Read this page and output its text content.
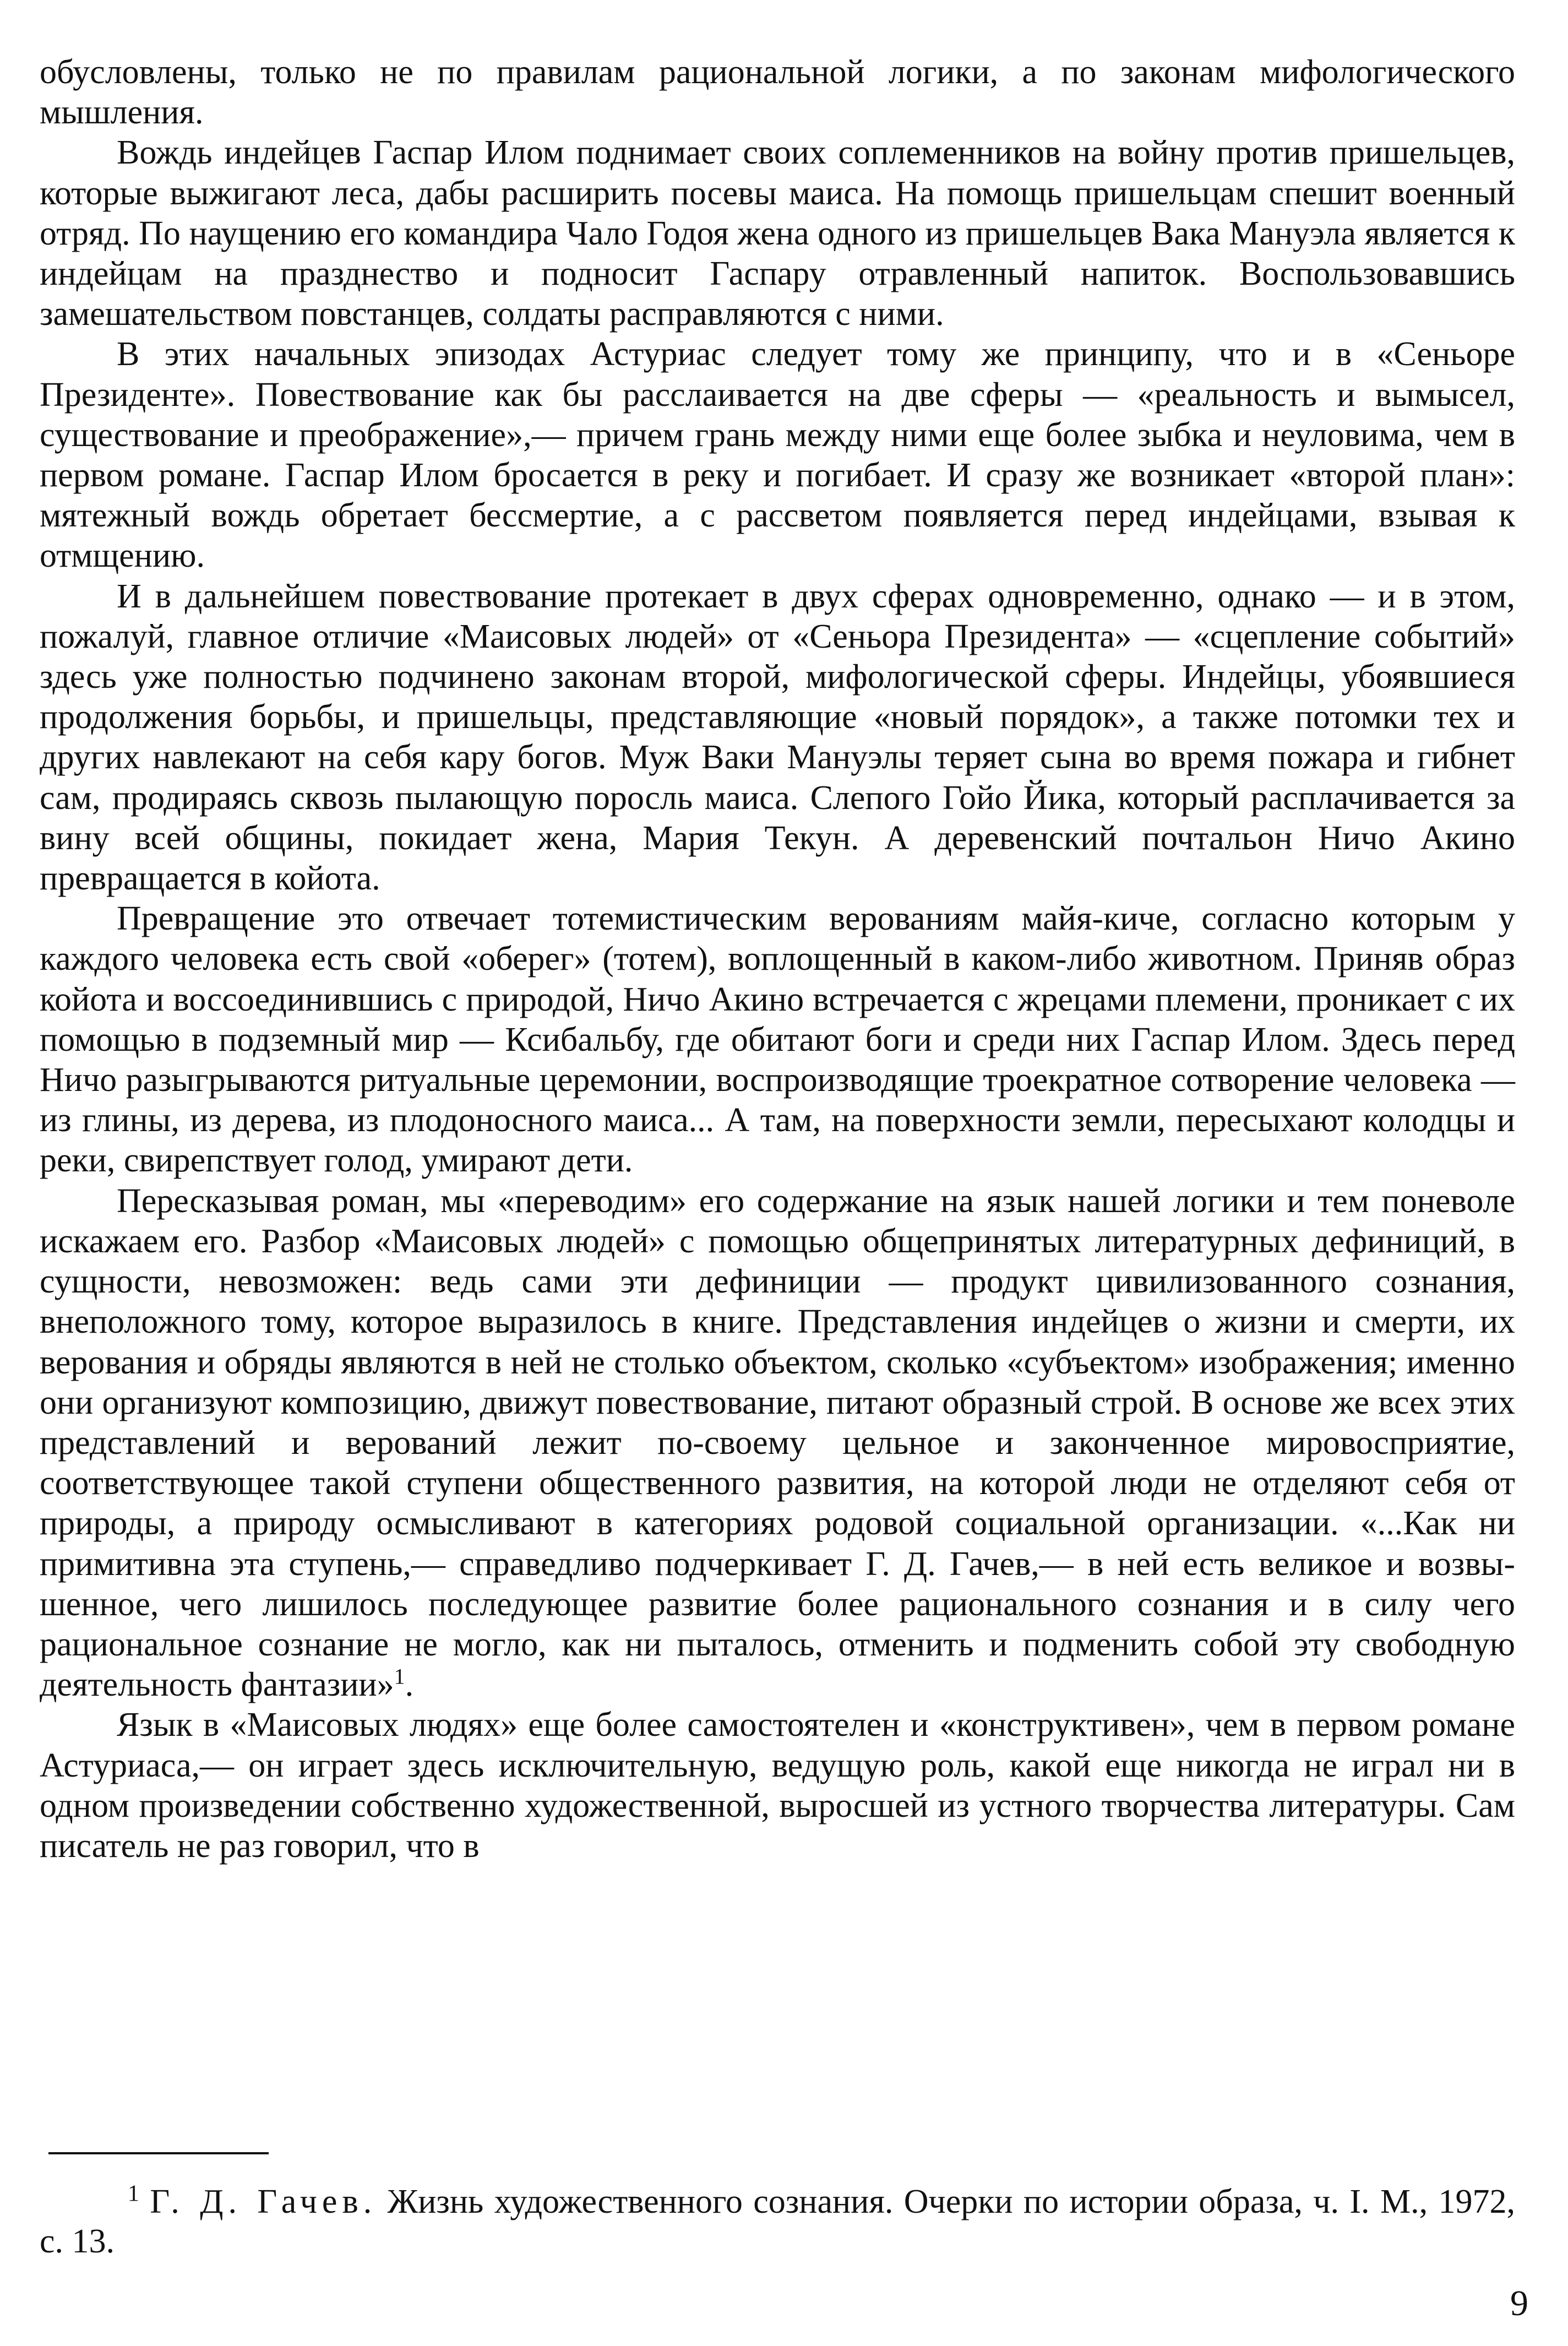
обусловлены, только не по правилам рациональной логики, а по законам мифологического мышления.

Вождь индейцев Гаспар Илом поднимает своих соплеменников на войну против пришельцев, которые выжигают леса, дабы расширить посевы маиса. На помощь пришельцам спешит военный отряд. По наущению его командира Чало Годоя жена одного из пришельцев Вака Мануэла является к индейцам на празднество и подносит Гаспару отравленный напиток. Воспользовавшись замешательством повстанцев, солдаты расправляются с ними.

В этих начальных эпизодах Астуриас следует тому же принципу, что и в «Сеньоре Президенте». Повествование как бы расслаивается на две сферы — «реальность и вымысел, существование и преображение»,— причем грань между ними еще более зыбка и неуловима, чем в первом романе. Гаспар Илом бросается в реку и погибает. И сразу же возникает «второй план»: мятежный вождь обретает бессмертие, а с рассветом появляется перед индейцами, взывая к отмщению.

И в дальнейшем повествование протекает в двух сферах одновременно, однако — и в этом, пожалуй, главное отличие «Маисовых людей» от «Сеньора Президента» — «сцепление событий» здесь уже полностью подчинено законам второй, мифологической сферы. Индейцы, убоявшиеся продолжения борьбы, и пришельцы, представляющие «новый порядок», а также потомки тех и других навлекают на себя кару богов. Муж Ваки Мануэлы теряет сына во время пожара и гибнет сам, продираясь сквозь пылающую поросль маиса. Слепого Гойо Йика, который расплачивается за вину всей общины, покидает жена, Мария Текун. А деревенский почтальон Ничо Акино превращается в койота.

Превращение это отвечает тотемистическим верованиям майя-киче, согласно которым у каждого человека есть свой «оберег» (тотем), воплощенный в каком-либо животном. Приняв образ койота и воссоединившись с природой, Ничо Акино встречается с жрецами племени, проникает с их помощью в подземный мир — Ксибальбу, где обитают боги и среди них Гаспар Илом. Здесь перед Ничо разыгрываются ритуальные церемонии, воспроизводящие троекратное сотворение человека — из глины, из дерева, из плодоносного маиса... А там, на поверхности земли, пересыхают колодцы и реки, свирепствует голод, умирают дети.

Пересказывая роман, мы «переводим» его содержание на язык нашей логики и тем поневоле искажаем его. Разбор «Маисовых людей» с помощью общепринятых литературных дефиниций, в сущности, невозможен: ведь сами эти дефиниции — продукт цивилизованного сознания, внеположного тому, которое выразилось в книге. Представления индейцев о жизни и смерти, их верования и обряды являются в ней не столько объектом, сколько «субъектом» изображения; именно они организуют композицию, движут повествование, питают образный строй. В основе же всех этих представлений и верований лежит по-своему цельное и законченное мировосприятие, соответствующее такой ступени общественного развития, на которой люди не отделяют себя от природы, а природу осмысливают в категориях родовой социальной организации. «...Как ни примитивна эта ступень,— справедливо подчеркивает Г. Д. Гачев,— в ней есть великое и возвышенное, чего лишилось последующее развитие более рационального сознания и в силу чего рациональное сознание не могло, как ни пыталось, отменить и подменить собой эту свободную деятельность фантазии»$^1$.

Язык в «Маисовых людях» еще более самостоятелен и «конструктивен», чем в первом романе Астуриаса,— он играет здесь исключительную, ведущую роль, какой еще никогда не играл ни в одном произведении собственно художественной, выросшей из устного творчества литературы. Сам писатель не раз говорил, что в

$^1$ Г. Д. Гачев. Жизнь художественного сознания. Очерки по истории образа, ч. I. М., 1972, с. 13.

9
